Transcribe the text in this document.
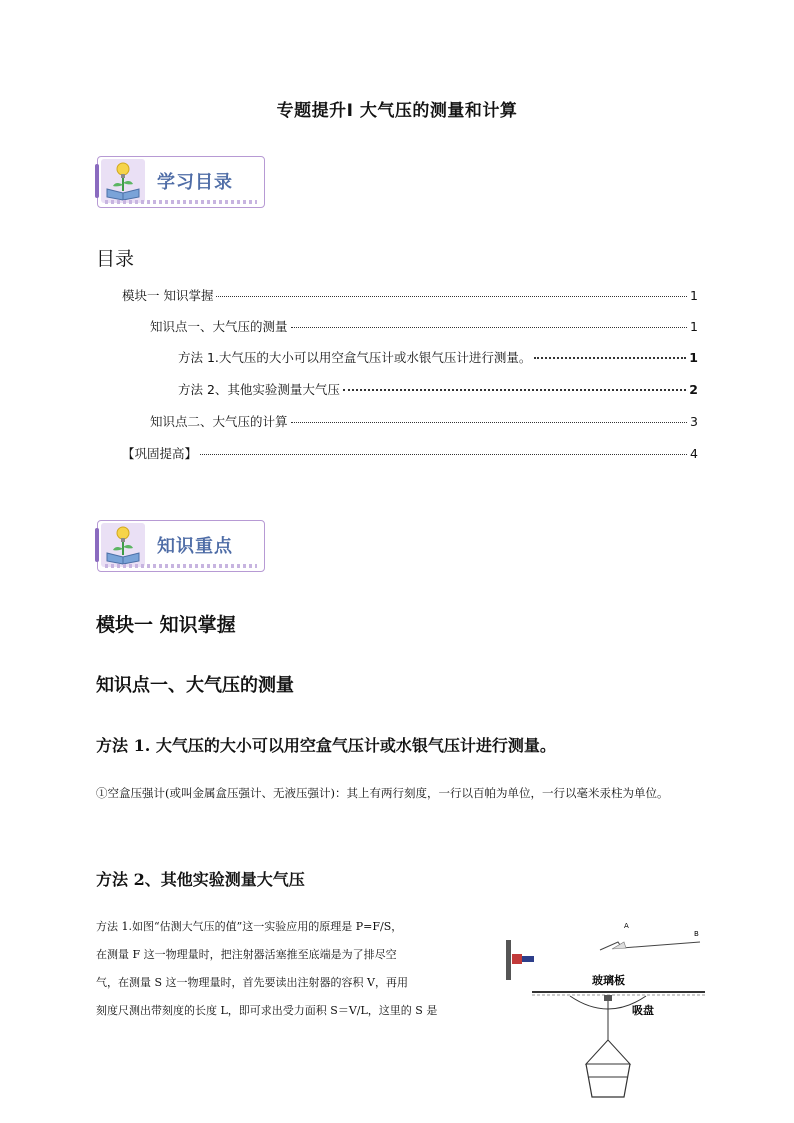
专题提升Ⅰ 大气压的测量和计算
学习目录
目录
模块一 知识掌握	1
知识点一、大气压的测量	1
方法 1.大气压的大小可以用空盒气压计或水银气压计进行测量。	1
方法 2、其他实验测量大气压	2
知识点二、大气压的计算	3
【巩固提高】	4
知识重点
模块一 知识掌握
知识点一、大气压的测量
方法 1. 大气压的大小可以用空盒气压计或水银气压计进行测量。
①空盒压强计(或叫金属盒压强计、无液压强计)：其上有两行刻度，一行以百帕为单位，一行以毫米汞柱为单位。
方法 2、其他实验测量大气压
方法 1.如图“估测大气压的值”这一实验应用的原理是 P=F/S，
在测量 F 这一物理量时，把注射器活塞推至底端是为了排尽空
气，在测量 S 这一物理量时，首先要读出注射器的容积 V，再用
刻度尺测出带刻度的长度 L，即可求出受力面积 S＝V/L，这里的 S 是
A
B
玻璃板
吸盘
